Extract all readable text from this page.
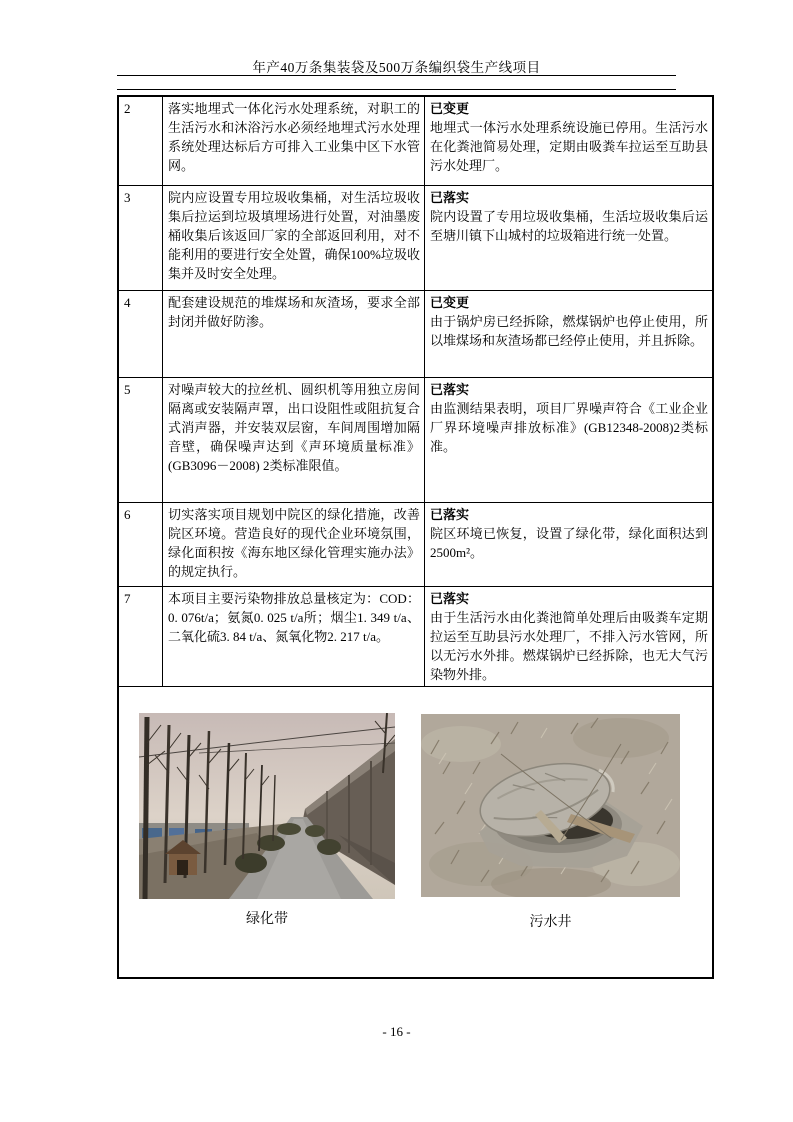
年产40万条集装袋及500万条编织袋生产线项目
2	落实地埋式一体化污水处理系统，对职工的生活污水和沐浴污水必须经地埋式污水处理系统处理达标后方可排入工业集中区下水管网。	已变更
地埋式一体污水处理系统设施已停用。生活污水在化粪池简易处理，定期由吸粪车拉运至互助县污水处理厂。

3	院内应设置专用垃圾收集桶，对生活垃圾收集后拉运到垃圾填埋场进行处置，对油墨废桶收集后该返回厂家的全部返回利用，对不能利用的要进行安全处置，确保100%垃圾收集并及时安全处理。	已落实
院内设置了专用垃圾收集桶，生活垃圾收集后运至塘川镇下山城村的垃圾箱进行统一处置。

4	配套建设规范的堆煤场和灰渣场，要求全部封闭并做好防渗。	已变更
由于锅炉房已经拆除，燃煤锅炉也停止使用，所以堆煤场和灰渣场都已经停止使用，并且拆除。

5	对噪声较大的拉丝机、圆织机等用独立房间隔离或安装隔声罩，出口设阻性或阻抗复合式消声器，并安装双层窗，车间周围增加隔音壁，确保噪声达到《声环境质量标准》(GB3096－2008) 2类标准限值。	已落实
由监测结果表明，项目厂界噪声符合《工业企业厂界环境噪声排放标准》(GB12348-2008)2类标准。

6	切实落实项目规划中院区的绿化措施，改善院区环境。营造良好的现代企业环境氛围，绿化面积按《海东地区绿化管理实施办法》的规定执行。	已落实
院区环境已恢复，设置了绿化带，绿化面积达到2500m²。

7	本项目主要污染物排放总量核定为：COD：0. 076t/a；氨氮0. 025 t/a所；烟尘1. 349 t/a、二氧化硫3. 84 t/a、氮氧化物2. 217 t/a。	已落实
由于生活污水由化粪池简单处理后由吸粪车定期拉运至互助县污水处理厂，不排入污水管网，所以无污水外排。燃煤锅炉已经拆除，也无大气污染物外排。

绿化带 污水井		
- 16 -
